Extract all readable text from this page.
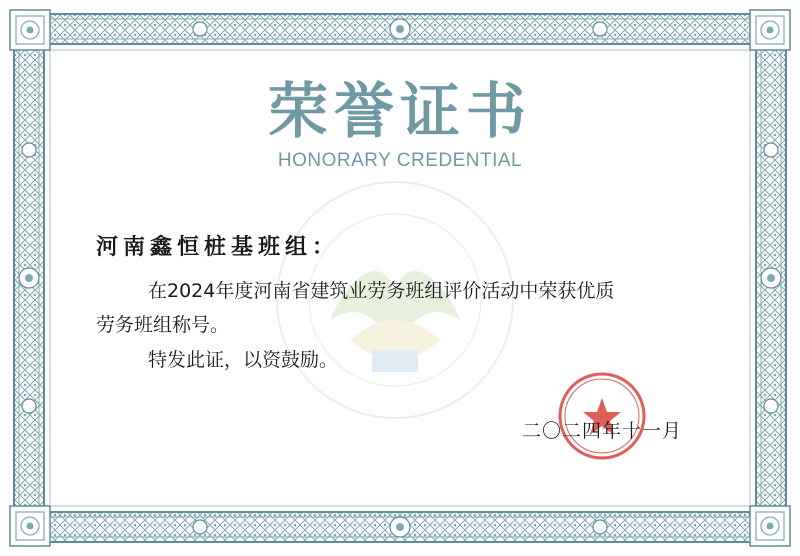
荣誉证书
HONORARY CREDENTIAL
河南鑫恒桩基班组：
在2024年度河南省建筑业劳务班组评价活动中荣获优质
劳务班组称号。
特发此证，以资鼓励。
二〇二四年十一月
